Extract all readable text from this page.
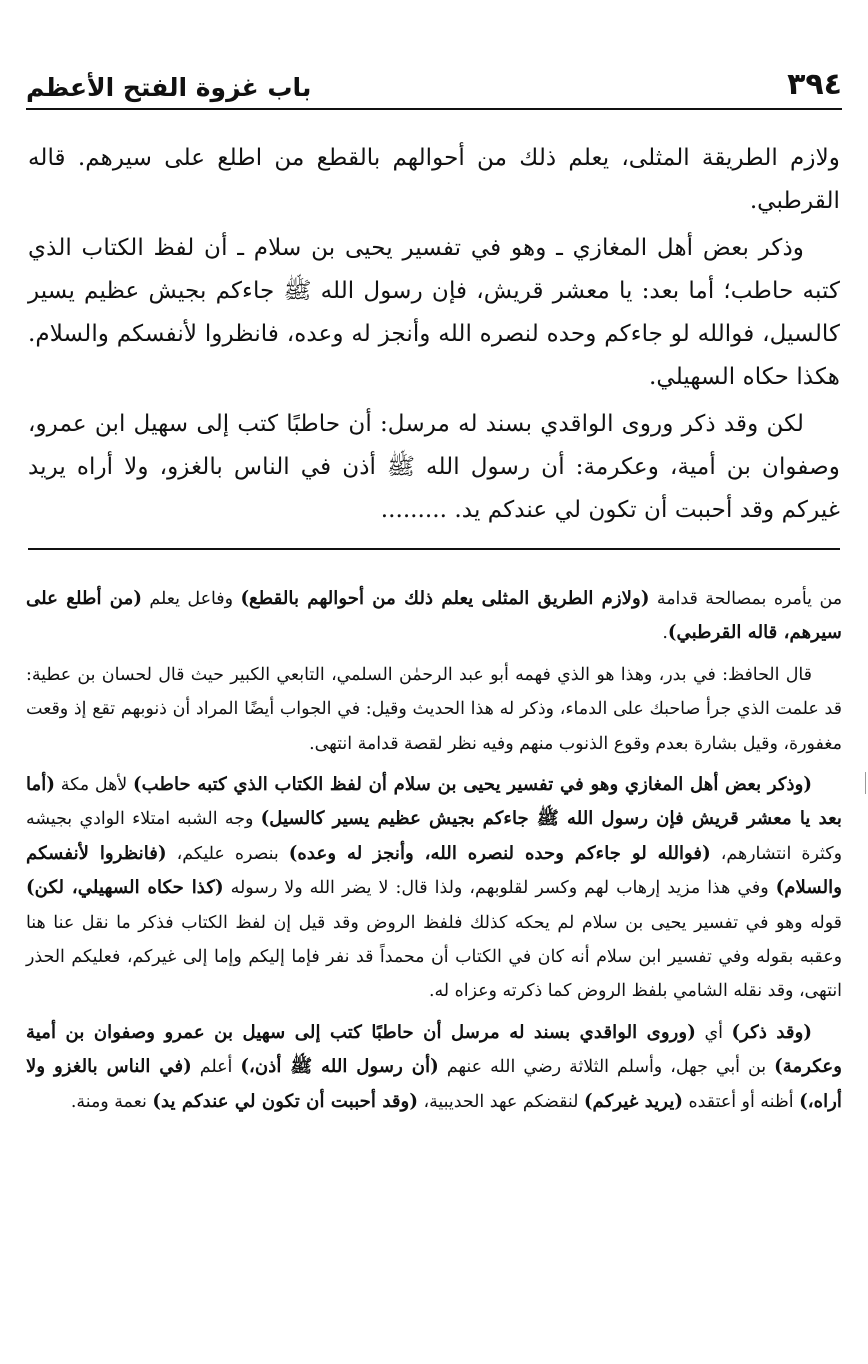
٣٩٤
باب غزوة الفتح الأعظم

ولازم الطريقة المثلى، يعلم ذلك من أحوالهم بالقطع من اطلع على سيرهم. قاله القرطبي.

وذكر بعض أهل المغازي ـ وهو في تفسير يحيى بن سلام ـ أن لفظ الكتاب الذي كتبه حاطب؛ أما بعد: يا معشر قريش، فإن رسول الله ﷺ جاءكم بجيش عظيم يسير كالسيل، فوالله لو جاءكم وحده لنصره الله وأنجز له وعده، فانظروا لأنفسكم والسلام. هكذا حكاه السهيلي.

لكن وقد ذكر وروى الواقدي بسند له مرسل: أن حاطبًا كتب إلى سهيل ابن عمرو، وصفوان بن أمية، وعكرمة: أن رسول الله ﷺ أذن في الناس بالغزو، ولا أراه يريد غيركم وقد أحببت أن تكون لي عندكم يد. .........

من يأمره بمصالحة قدامة (ولازم الطريق المثلى يعلم ذلك من أحوالهم بالقطع) وفاعل يعلم (من أطلع على سيرهم، قاله القرطبي).

قال الحافظ: في بدر، وهذا هو الذي فهمه أبو عبد الرحمٰن السلمي، التابعي الكبير حيث قال لحسان بن عطية: قد علمت الذي جرأ صاحبك على الدماء، وذكر له هذا الحديث وقيل: في الجواب أيضًا المراد أن ذنوبهم تقع إذ وقعت مغفورة، وقيل بشارة بعدم وقوع الذنوب منهم وفيه نظر لقصة قدامة انتهى.

(وذكر بعض أهل المغازي وهو في تفسير يحيى بن سلام أن لفظ الكتاب الذي كتبه حاطب) لأهل مكة (أما بعد يا معشر قريش فإن رسول الله ﷺ جاءكم بجيش عظيم يسير كالسيل) وجه الشبه امتلاء الوادي بجيشه وكثرة انتشارهم، (فوالله لو جاءكم وحده لنصره الله، وأنجز له وعده) بنصره عليكم، (فانظروا لأنفسكم والسلام) وفي هذا مزيد إرهاب لهم وكسر لقلوبهم، ولذا قال: لا يضر الله ولا رسوله (كذا حكاه السهيلي، لكن) قوله وهو في تفسير يحيى بن سلام لم يحكه كذلك فلفظ الروض وقد قيل إن لفظ الكتاب فذكر ما نقل عنا هنا وعقبه بقوله وفي تفسير ابن سلام أنه كان في الكتاب أن محمداً قد نفر فإما إليكم وإما إلى غيركم، فعليكم الحذر انتهى، وقد نقله الشامي بلفظ الروض كما ذكرته وعزاه له.

(وقد ذكر) أي (وروى الواقدي بسند له مرسل أن حاطبًا كتب إلى سهيل بن عمرو وصفوان بن أمية وعكرمة) بن أبي جهل، وأسلم الثلاثة رضي الله عنهم (أن رسول الله ﷺ أذن،) أعلم (في الناس بالغزو ولا أراه،) أظنه أو أعتقده (يريد غيركم) لنقضكم عهد الحديبية، (وقد أحببت أن تكون لي عندكم يد) نعمة ومنة.
